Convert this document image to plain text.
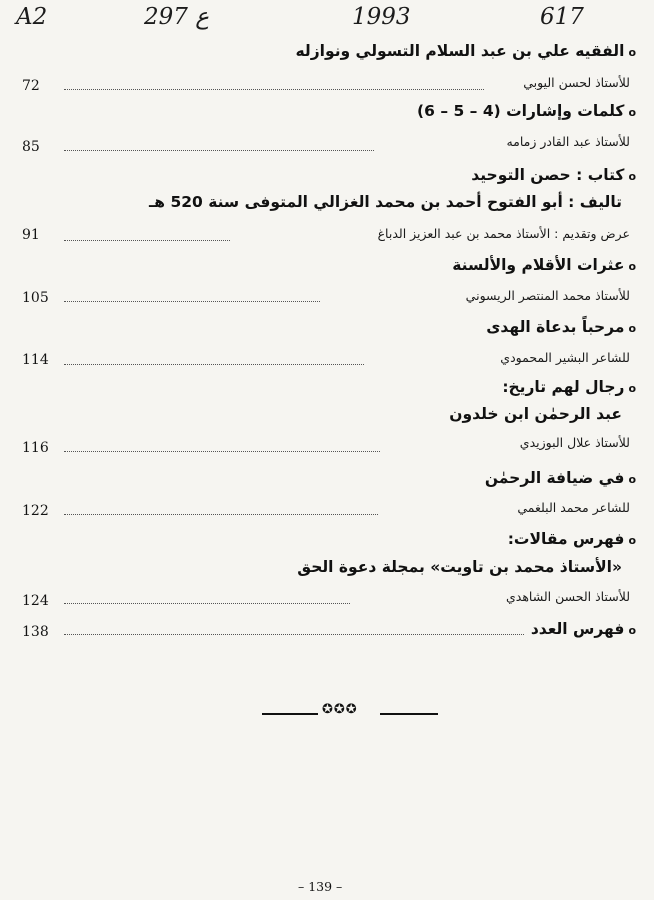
A2	297 ع	1993	617
oالفقيه علي بن عبد السلام التسولي ونوازله
للأستاذ لحسن اليوبي
72
oكلمات وإشارات (4 – 5 – 6)
للأستاذ عبد القادر زمامه
85
oكتاب : حصن التوحيد
تاليف : أبو الفتوح أحمد بن محمد الغزالي المتوفى سنة 520 هـ
عرض وتقديم : الأستاذ محمد بن عبد العزيز الدباغ
91
oعثرات الأقلام والألسنة
للأستاذ محمد المنتصر الريسوني
105
oمرحباً بدعاة الهدى
للشاعر البشير المحمودي
114
oرجال لهم تاريخ:
عبد الرحمٰن ابن خلدون
للأستاذ علال البوزيدي
116
oفي ضيافة الرحمٰن
للشاعر محمد البلغمي
122
oفهرس مقالات:
«الأستاذ محمد بن تاويت» بمجلة دعوة الحق
للأستاذ الحسن الشاهدي
124
oفهرس العدد
138
✪✪✪
– 139 –
